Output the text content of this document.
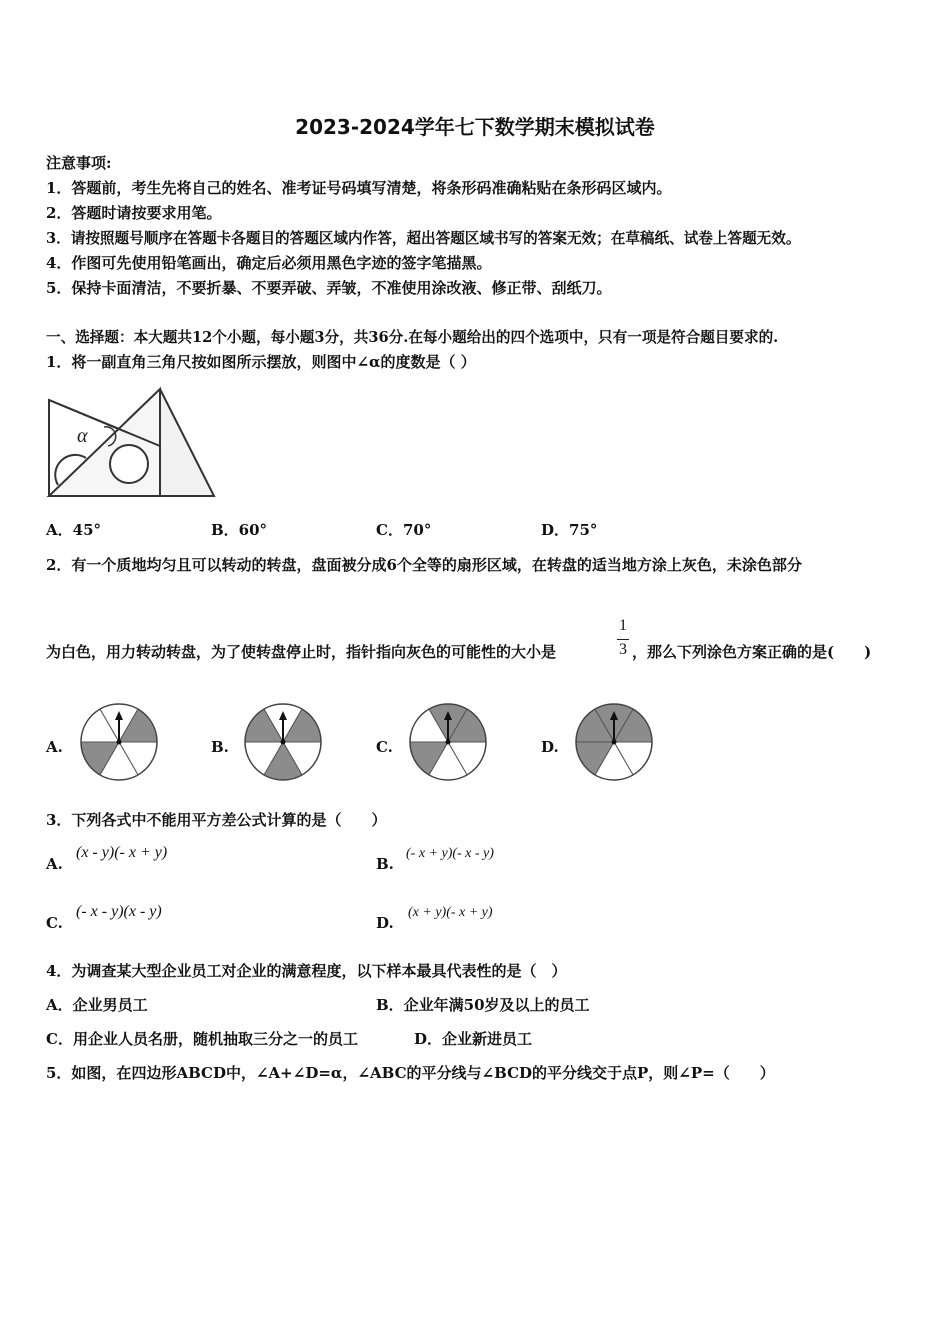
2023-2024学年七下数学期末模拟试卷
注意事项:
1．答题前，考生先将自己的姓名、准考证号码填写清楚，将条形码准确粘贴在条形码区域内。
2．答题时请按要求用笔。
3．请按照题号顺序在答题卡各题目的答题区域内作答，超出答题区域书写的答案无效；在草稿纸、试卷上答题无效。
4．作图可先使用铅笔画出，确定后必须用黑色字迹的签字笔描黑。
5．保持卡面清洁，不要折暴、不要弄破、弄皱，不准使用涂改液、修正带、刮纸刀。
一、选择题：本大题共12个小题，每小题3分，共36分.在每小题给出的四个选项中，只有一项是符合题目要求的.
1．将一副直角三角尺按如图所示摆放，则图中∠α的度数是（ ）
α
A．45°	B．60°	C．70°	D．75°
2．有一个质地均匀且可以转动的转盘，盘面被分成6个全等的扇形区域，在转盘的适当地方涂上灰色，未涂色部分
为白色，用力转动转盘，为了使转盘停止时，指针指向灰色的可能性的大小是
1
3 ，那么下列涂色方案正确的是(　　)
A.	B.	C.	D.
3．下列各式中不能用平方差公式计算的是（　　）
A.
(x - y)(- x + y)
B.
(- x + y)(- x - y)
C.
(- x - y)(x - y)
D.
(x + y)(- x + y)
4．为调查某大型企业员工对企业的满意程度，以下样本最具代表性的是（　）
A．企业男员工	B．企业年满50岁及以上的员工
C．用企业人员名册，随机抽取三分之一的员工	D．企业新进员工
5．如图，在四边形ABCD中，∠A+∠D=α，∠ABC的平分线与∠BCD的平分线交于点P，则∠P=（　　）
